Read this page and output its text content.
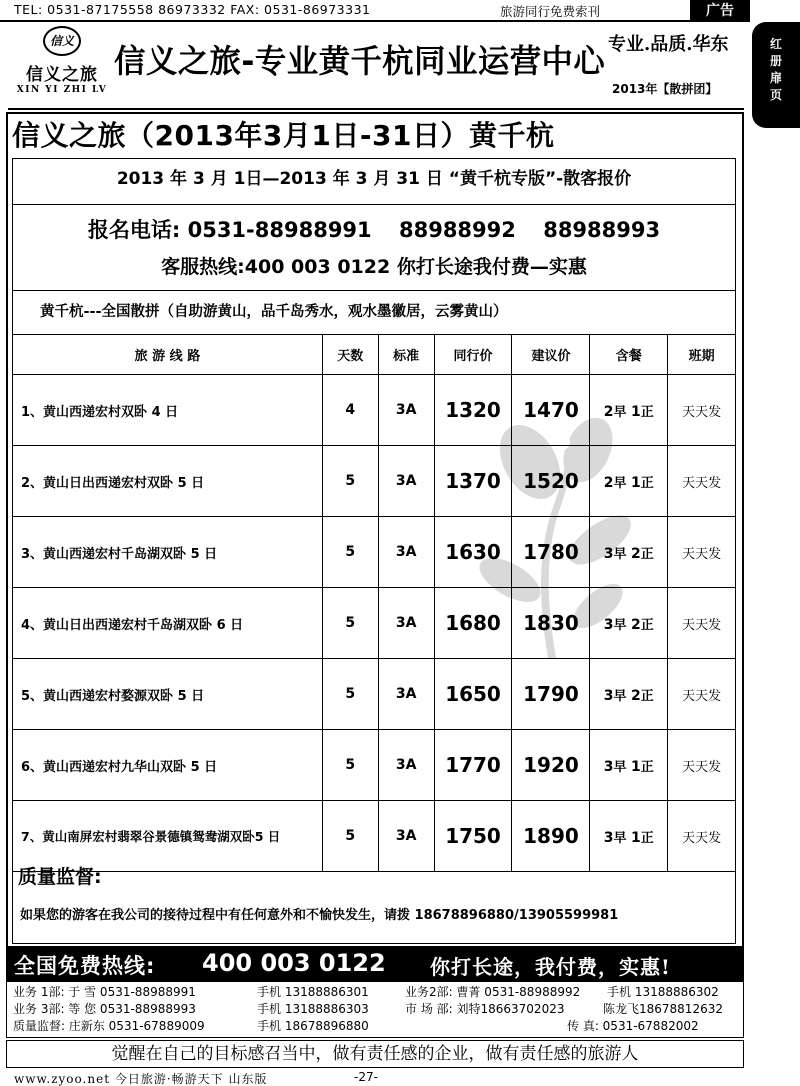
TEL: 0531-87175558 86973332 FAX: 0531-86973331	旅游同行免费索刊	广告
红
册
扉
页
信义
信义之旅
XIN YI ZHI LV
信义之旅-专业黄千杭同业运营中心 专业.品质.华东
2013年【散拼团】
信义之旅（2013年3月1日-31日）黄千杭
2013 年 3 月 1日—2013 年 3 月 31 日 “黄千杭专版”-散客报价
报名电话: 0531-88988991 88988992 88988993
客服热线:400 003 0122 你打长途我付费—实惠
黄千杭---全国散拼（自助游黄山，品千岛秀水，观水墨徽居，云雾黄山）
旅 游 线 路	天数	标准	同行价	建议价	含餐	班期
1、黄山西递宏村双卧 4 日	4	3A	1320	1470	2早 1正	天天发
2、黄山日出西递宏村双卧 5 日	5	3A	1370	1520	2早 1正	天天发
3、黄山西递宏村千岛湖双卧 5 日	5	3A	1630	1780	3早 2正	天天发
4、黄山日出西递宏村千岛湖双卧 6 日	5	3A	1680	1830	3早 2正	天天发
5、黄山西递宏村婺源双卧 5 日	5	3A	1650	1790	3早 2正	天天发
6、黄山西递宏村九华山双卧 5 日	5	3A	1770	1920	3早 1正	天天发
7、黄山南屏宏村翡翠谷景德镇鸳鸯湖双卧5 日	5	3A	1750	1890	3早 1正	天天发
质量监督:
如果您的游客在我公司的接待过程中有任何意外和不愉快发生，请拨 18678896880/13905599981
全国免费热线: 400 003 0122 你打长途，我付费，实惠!
业务 1部: 于 雪 0531-88988991	手机 13188886301	业务2部: 曹菁 0531-88988992 手机 13188886302
业务 3部: 等 您 0531-88988993	手机 13188886303	市 场 部: 刘特18663702023	陈龙飞18678812632
质量监督: 庄新东 0531-67889009	手机 18678896880	传 真: 0531-67882002
觉醒在自己的目标感召当中，做有责任感的企业，做有责任感的旅游人
www.zyoo.net 今日旅游·畅游天下 山东版	-27-
